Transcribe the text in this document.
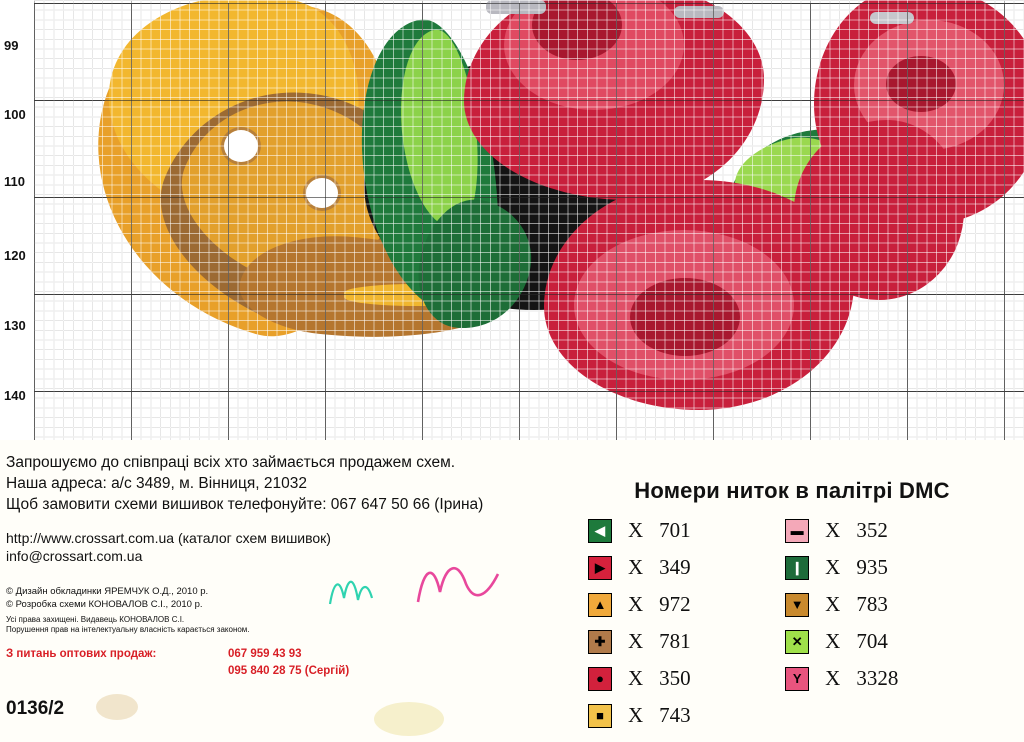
99
100
110
120
130
140
Запрошуємо до співпраці всіх хто займається продажем схем.
Наша адреса: а/с 3489, м. Вінниця, 21032
Щоб замовити схеми вишивок телефонуйте: 067 647 50 66 (Ірина)
http://www.crossart.com.ua (каталог схем вишивок)
info@crossart.com.ua
© Дизайн обкладинки ЯРЕМЧУК О.Д., 2010 р.
© Розробка схеми КОНОВАЛОВ С.І., 2010 р.
Усі права захищені. Видавець КОНОВАЛОВ С.І.
Порушення прав на інтелектуальну власність карається законом.
З питань оптових продаж:	067 959 43 93
095 840 28 75 (Сергій)
0136/2
Номери ниток в палітрі DMC
◀	X 701
▶	X 349
▲ X 972
✚	X 781
●	X 350
■	X 743
▬ X 352
❙	X 935
▼ X 783
✕	X 704
Y	X 3328
